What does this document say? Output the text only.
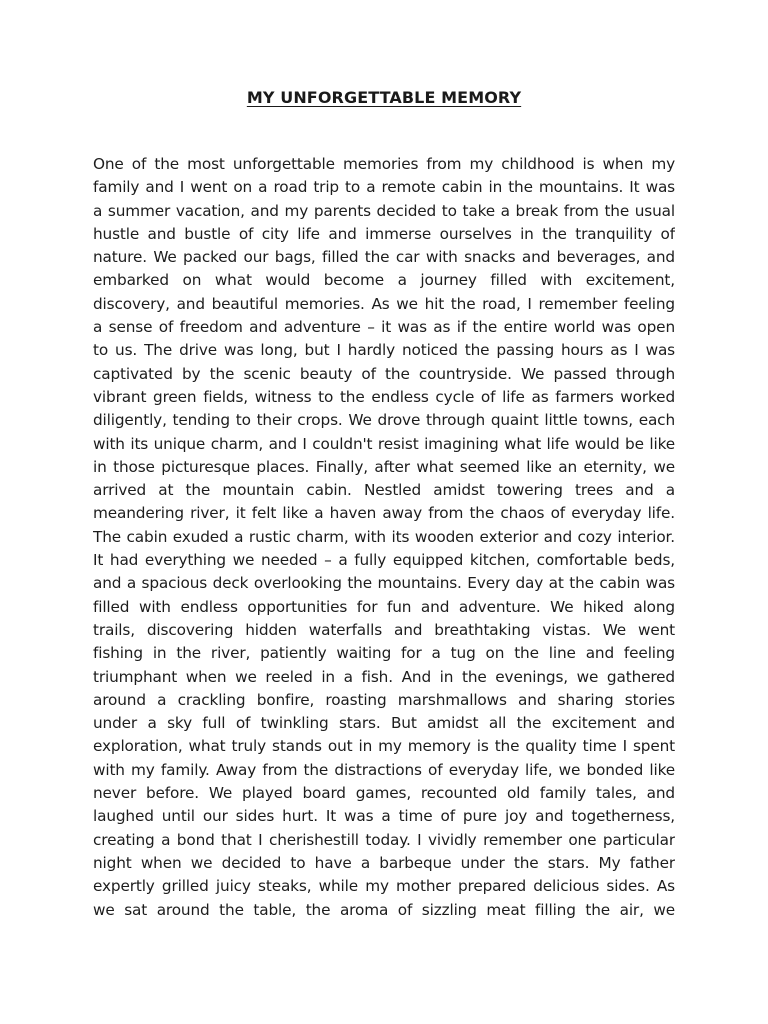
MY UNFORGETTABLE MEMORY
One of the most unforgettable memories from my childhood is when my
family and I went on a road trip to a remote cabin in the mountains. It was
a summer vacation, and my parents decided to take a break from the usual
hustle and bustle of city life and immerse ourselves in the tranquility of
nature. We packed our bags, filled the car with snacks and beverages, and
embarked on what would become a journey filled with excitement,
discovery, and beautiful memories. As we hit the road, I remember feeling
a sense of freedom and adventure – it was as if the entire world was open
to us. The drive was long, but I hardly noticed the passing hours as I was
captivated by the scenic beauty of the countryside. We passed through
vibrant green fields, witness to the endless cycle of life as farmers worked
diligently, tending to their crops. We drove through quaint little towns, each
with its unique charm, and I couldn't resist imagining what life would be like
in those picturesque places. Finally, after what seemed like an eternity, we
arrived at the mountain cabin. Nestled amidst towering trees and a
meandering river, it felt like a haven away from the chaos of everyday life.
The cabin exuded a rustic charm, with its wooden exterior and cozy interior.
It had everything we needed – a fully equipped kitchen, comfortable beds,
and a spacious deck overlooking the mountains. Every day at the cabin was
filled with endless opportunities for fun and adventure. We hiked along
trails, discovering hidden waterfalls and breathtaking vistas. We went
fishing in the river, patiently waiting for a tug on the line and feeling
triumphant when we reeled in a fish. And in the evenings, we gathered
around a crackling bonfire, roasting marshmallows and sharing stories
under a sky full of twinkling stars. But amidst all the excitement and
exploration, what truly stands out in my memory is the quality time I spent
with my family. Away from the distractions of everyday life, we bonded like
never before. We played board games, recounted old family tales, and
laughed until our sides hurt. It was a time of pure joy and togetherness,
creating a bond that I cherishestill today. I vividly remember one particular
night when we decided to have a barbeque under the stars. My father
expertly grilled juicy steaks, while my mother prepared delicious sides. As
we sat around the table, the aroma of sizzling meat filling the air, we
